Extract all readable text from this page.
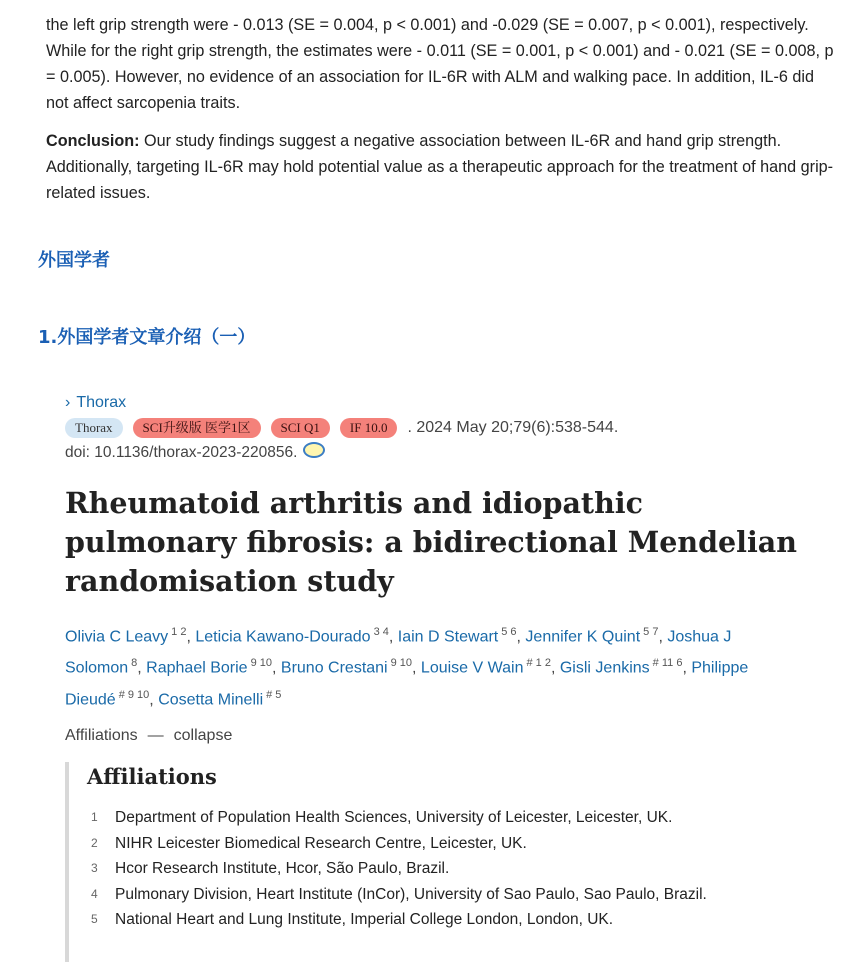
the left grip strength were - 0.013 (SE = 0.004, p < 0.001) and -0.029 (SE = 0.007, p < 0.001), respectively. While for the right grip strength, the estimates were - 0.011 (SE = 0.001, p < 0.001) and - 0.021 (SE = 0.008, p = 0.005). However, no evidence of an association for IL-6R with ALM and walking pace. In addition, IL-6 did not affect sarcopenia traits.

Conclusion: Our study findings suggest a negative association between IL-6R and hand grip strength. Additionally, targeting IL-6R may hold potential value as a therapeutic approach for the treatment of hand grip-related issues.

外国学者
1.外国学者文章介绍（一）
› Thorax
Thorax	SCI升级版 医学1区	SCI Q1	IF 10.0	. 2024 May 20;79(6):538-544.
doi: 10.1136/thorax-2023-220856.
Rheumatoid arthritis and idiopathic pulmonary fibrosis: a bidirectional Mendelian randomisation study
Olivia C Leavy $^{1 2}$, Leticia Kawano-Dourado $^{3 4}$, Iain D Stewart $^{5 6}$, Jennifer K Quint $^{5 7}$, Joshua J Solomon $^8$, Raphael Borie $^{9 10}$, Bruno Crestani $^{9 10}$, Louise V Wain $^{\# 1 2}$, Gisli Jenkins $^{\# 11 6}$, Philippe Dieudé $^{\# 9 10}$, Cosetta Minelli $^{\# 5}$
Affiliations — collapse
Affiliations
1	Department of Population Health Sciences, University of Leicester, Leicester, UK.
2	NIHR Leicester Biomedical Research Centre, Leicester, UK.
3	Hcor Research Institute, Hcor, São Paulo, Brazil.
4	Pulmonary Division, Heart Institute (InCor), University of Sao Paulo, Sao Paulo, Brazil.
5	National Heart and Lung Institute, Imperial College London, London, UK.
